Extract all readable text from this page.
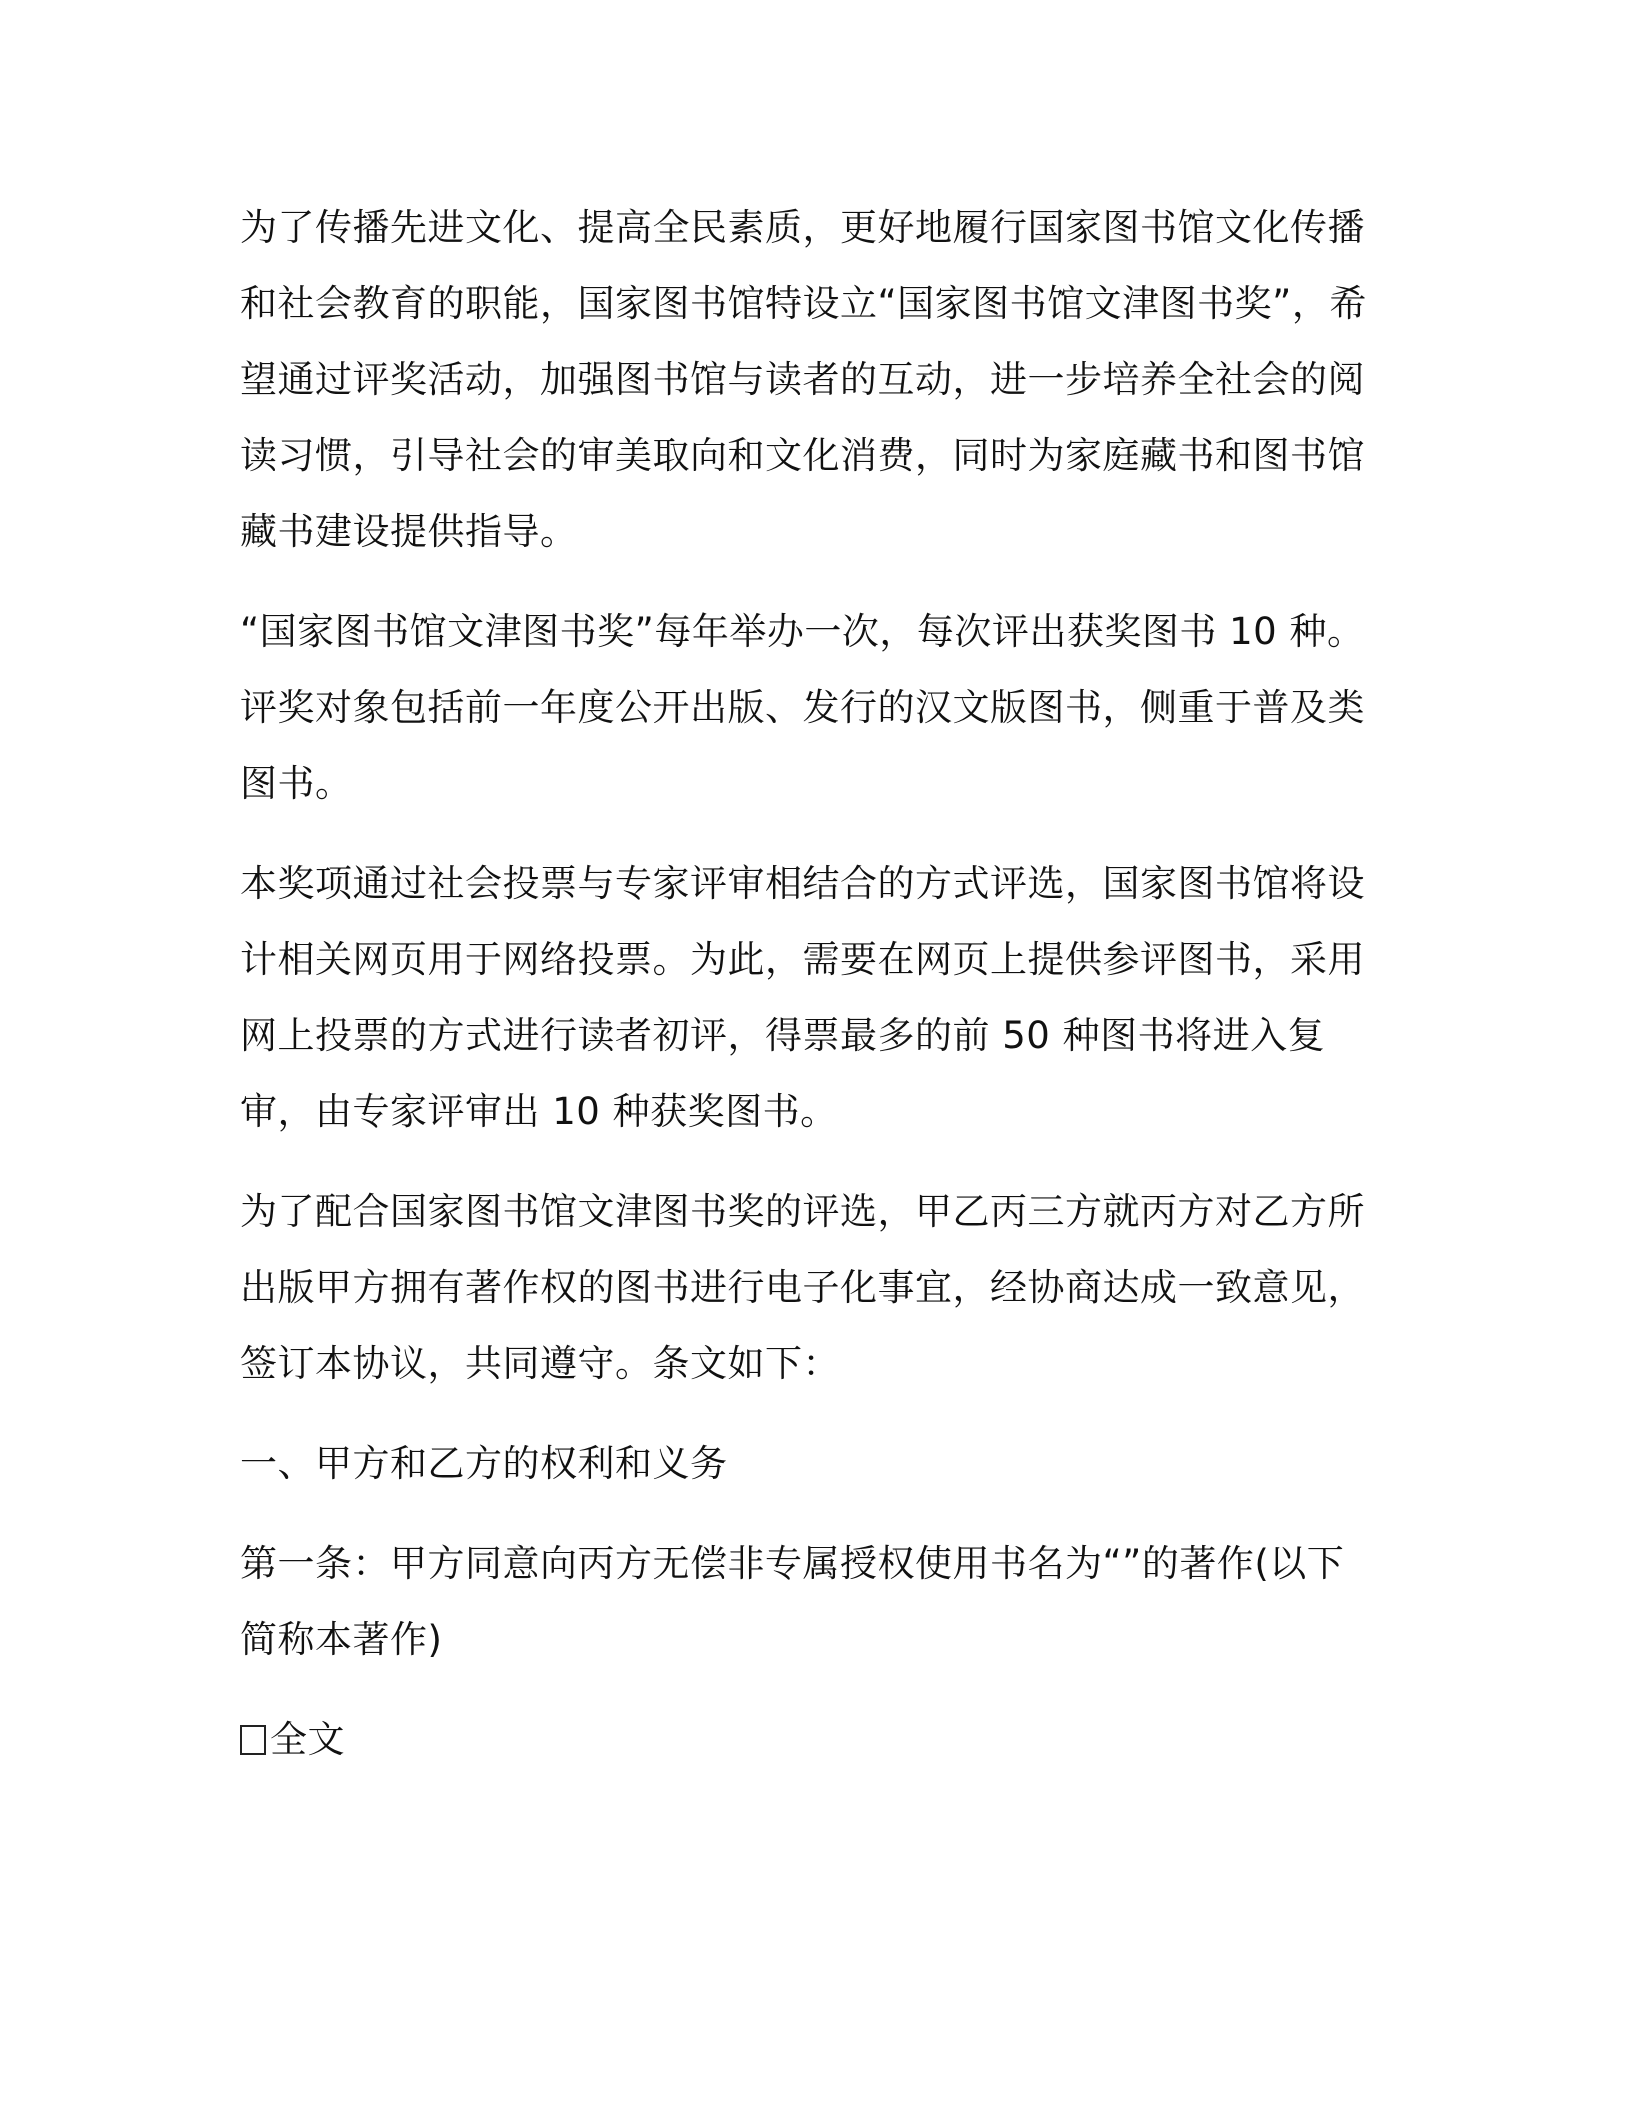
为了传播先进文化、提高全民素质，更好地履行国家图书馆文化传播和社会教育的职能，国家图书馆特设立“国家图书馆文津图书奖”，希望通过评奖活动，加强图书馆与读者的互动，进一步培养全社会的阅读习惯，引导社会的审美取向和文化消费，同时为家庭藏书和图书馆藏书建设提供指导。

“国家图书馆文津图书奖”每年举办一次，每次评出获奖图书 10 种。评奖对象包括前一年度公开出版、发行的汉文版图书，侧重于普及类图书。

本奖项通过社会投票与专家评审相结合的方式评选，国家图书馆将设计相关网页用于网络投票。为此，需要在网页上提供参评图书，采用网上投票的方式进行读者初评，得票最多的前 50 种图书将进入复审，由专家评审出 10 种获奖图书。

为了配合国家图书馆文津图书奖的评选，甲乙丙三方就丙方对乙方所出版甲方拥有著作权的图书进行电子化事宜，经协商达成一致意见，签订本协议，共同遵守。条文如下：

一、甲方和乙方的权利和义务

第一条：甲方同意向丙方无偿非专属授权使用书名为“”的著作(以下简称本著作)

全文
